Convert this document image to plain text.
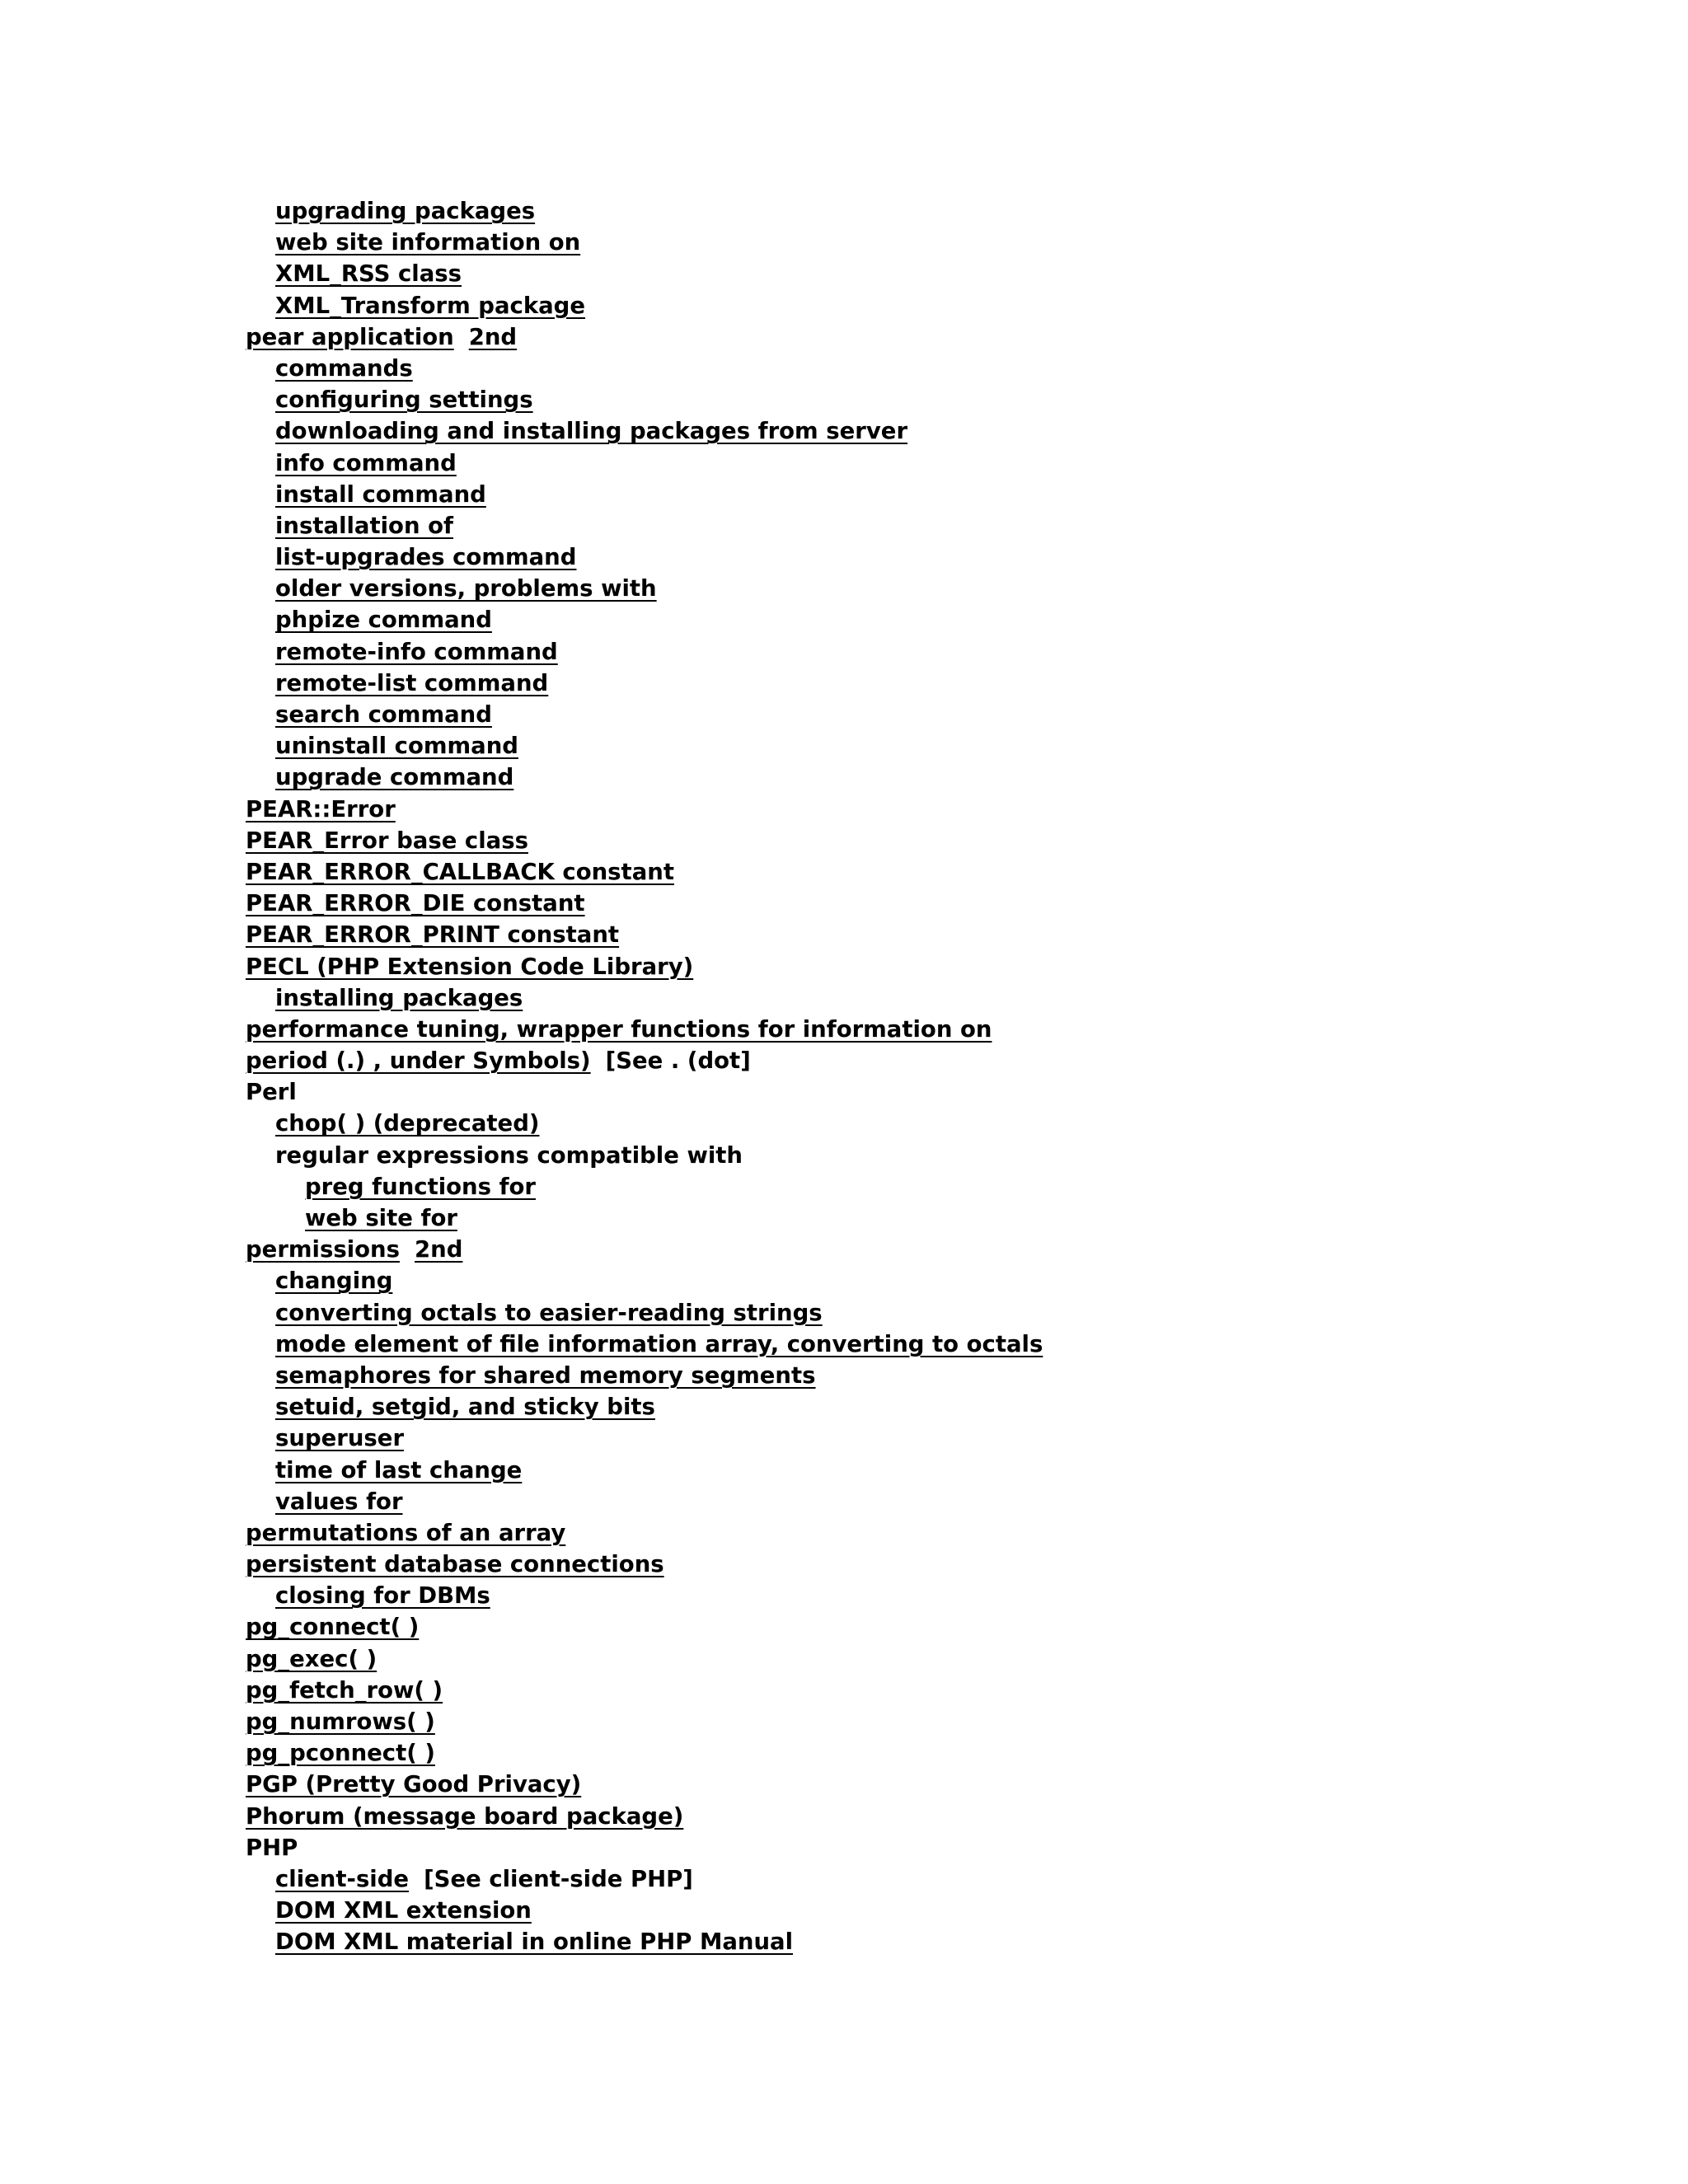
upgrading packages
web site information on
XML_RSS class
XML_Transform package
pear application 2nd
commands
configuring settings
downloading and installing packages from server
info command
install command
installation of
list-upgrades command
older versions, problems with
phpize command
remote-info command
remote-list command
search command
uninstall command
upgrade command
PEAR::Error
PEAR_Error base class
PEAR_ERROR_CALLBACK constant
PEAR_ERROR_DIE constant
PEAR_ERROR_PRINT constant
PECL (PHP Extension Code Library)
installing packages
performance tuning, wrapper functions for information on
period (.) , under Symbols) [See . (dot]
Perl
chop( ) (deprecated)
regular expressions compatible with
preg functions for
web site for
permissions 2nd
changing
converting octals to easier-reading strings
mode element of file information array, converting to octals
semaphores for shared memory segments
setuid, setgid, and sticky bits
superuser
time of last change
values for
permutations of an array
persistent database connections
closing for DBMs
pg_connect( )
pg_exec( )
pg_fetch_row( )
pg_numrows( )
pg_pconnect( )
PGP (Pretty Good Privacy)
Phorum (message board package)
PHP
client-side [See client-side PHP]
DOM XML extension
DOM XML material in online PHP Manual
